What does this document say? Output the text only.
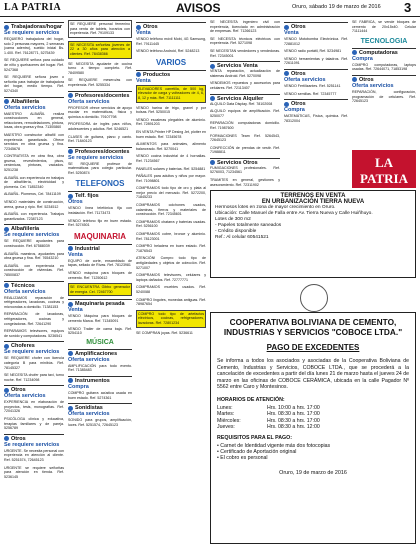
LA PATRIA	AVISOS	Oruro, sábado 19 de marzo de 2016 3
Trabajadoras/hogar
Se requiere servicios
REQUIERO trabajadora del hogar, solo 2 personas mayores, 2 semanas (cama adentro), sueldo inicial Bs. 1.400. Ref. 76128771, 5275439
SE REQUIERE señora para cuidado de niño y quehaceres del hogar. Ref. 5247368
SE REQUIERE señora joven o señorita para trabajar de trabajadora del hogar, medio tiempo. Ref. 5274340
Albañilería
Oferta servicios
MAESTRO ALBAÑIL realiza construcciones en general, refacciones, remodelaciones, pintura, losas, obra gruesa y fina. 71300860
MAESTRO constructor albañil con experiencia garantizada. Ofrece servicios en obra gruesa y fina. 72345678
CONTRATISTA en obra fina, obra gruesa, revestimientos, pisos, cerámicas, pinturas, vaciados. 5251238
ALBAÑIL con experiencia en trabajos de albañilería, electricidad y plomería. Cel. 71852340
ALBAÑIL. Plomeros, Cel. 78411109
VENDO materiales de construcción, arena, grava y ripio. Ref. 5234512
ALBAÑIL con experiencia. Trabajos garantizados. 72387123
Albañilería
Se requiere servicios
SE REQUIERE ayudantes para construcción. Ref. 67588039
ALBAÑIL maestros, ayudantes para obra gruesa y fina. Ref. 76543210
ALBAÑIL con experiencia en construcción de viviendas. Ref. 78500837
Técnicos
Oferta servicios
REALIZAMOS reparación de refrigeradores, lavadoras, cocinas y microondas a domicilio. 71381153
REPARACIÓN de lavadoras, refrigeradores, cocinas y congeladoras. Ref. 72641290
REPARAMOS televisores, equipos de sonido y computadoras. 5236541
Choferes
Se requiere servicios
SE REQUIERE chofer con licencia categoría B para minibús. Ref. 78145327
SE NECESITA chofer para taxi, turno noche. Ref. 71234098
Otros
Oferta servicios
EXPERIENCIA en elaboración de proyectos, tesis, monografías. Ref. 72041326
PSICÓLOGA clínica y educativa, terapias familiares y de pareja. 5256789
Otros
Se requiere servicios
URGENTE. Se necesita personal con experiencia en atención al cliente. Ref. 5251574, 72645123
URGENTE se requiere señoritas para atención en tienda. Ref. 5236145
SE REQUIERE personal femenino para venta de tablets, horarios con experiencia. Ref. 79109133
SE NECESITA señoritas jóvenes de 22 a 30 años para atención a clientes. Ref. 78438366
SE NECESITA ayudante de cocina turno a tiempo completo. Ref. 78409580
SE REQUIERE mesero/as con experiencia. Ref. 5255334
Profesores/docentes
Oferta servicios
PROFESOR ofrece servicios de apoyo escolar en matemáticas, física y química a domicilio. 79107798
PROFESORA de inglés para niños, adolescentes y adultos. Ref. 5246521
CLASES de guitarra, piano y canto. Ref. 71840123
Profesores/docentes
Se requiere servicios
SE REQUIERE profesor de matemáticas para colegio particular. Ref. 5250874
TELEFONOS
Telf. fijos
Otros
VENDO línea telefónica fija con instalación. Ref. 71173473
VENDO teléfono fijo en buen estado. Ref. 5274501
MAQUINARIA
Industrial
Venta
EQUIPO de corte, ensamblado de tapas, sellado de Rívas. Ref. 78123981
VENDO máquina para bloques de cemento. Ref. 71250612
SE ENCUENTRA Gibbo generador de energía. Cel. 72467700
Maquinaria pesada
Venta
VENDO Máquina para bloques de cemento Marca. Ref. 71345091
VENDO Trailer de cama baja. Ref. 5254110
MÚSICA
Amplificaciones
Oferta servicios
AMPLIFICACIÓN para todo evento. Ref. 71385483
Instrumentos
Compra
COMPRO guitarra acústica usada en buen estado. Ref. 5274361
Sonidistas
Oferta servicios
SONIDO para grupos, amplificación, luces. Ref. 5251574, 72645123
Otros
Venta
VENDO teléfono móvil Mobi, 4G Samsung, Ref. 79111445
VENDO teléfono Android, Ref. 5248213
VARIOS
Productos
Venta
ELEVADORES carretilla, de 500 kg, elevador de carga y volteadores de 4, 6, 8, 12 y más. Ref. 71111111
VENDO harina de trigo, granel y por bolsas. Ref. 5250015
VENDO escaleras plegables de aluminio. Ref. 72891203
EN VENTA Printer HP Desing Jet, plotter en buen estado. Ref. 72345678
ALIMENTOS para animales, alimento balanceado. Ref. 5270041
VENDO cocina industrial de 4 hornallas. Ref. 71234567
PANELES solares y baterías. Ref. 5254881
PAÑALES para adultos y niños por mayor. Ref. 71098801
COMPRAMOS todo tipo de oro y plata al mejor precio del mercado. Ref. 5272200, 71845233
COMPRAMOS colchones usados, calaminas, fierros y materiales de construcción. Ref. 72345601
COMPRAMOS chatarra y baterías usadas. Ref. 5256100
COMPRAMOS cobre, bronce y aluminio. Ref. 78123001
COMPRO heladera en buen estado. Ref. 71876543
ATENCIÓN! Compro todo tipo de antigüedades y objetos de colección. Ref. 5271007
COMPRAMOS televisores, celulares y laptops dañados. Ref. 72777771
COMPRAMOS muebles usados. Ref. 5240088
COMPRO lingotes, monedas antiguas. Ref. 78987654
COMPRO todo tipo de artefactos eléctricos, cocinas, refrigeradores, lavadoras. Ref. 72801234
SE COMPRAN joyas. Ref. 5236611
SE NECESITA ingeniero civil con experiencia, licenciado en administración de empresas. Ref. 71266123
SE NECESITA técnicos eléctricos con experiencia. Ref. 5271098
SE NECESITAN vendedores y vendedoras. Ref. 72345001
Servicios Venta
VENTA reparación, actualización de sistemas Android. Ref. 5270098
VENDEMOS repuestos y accesorios para celulares. Ref. 72113407
Servicios Alquiler
ALQUILO Data Display. Ref. 78102008
ALQUILO equipos de amplificación. Ref. 5250077
REPARACIÓN computadoras domicilio. Ref. 71987600
FORMACIONES Team Ref. 5264543, 72645123
CONFECCIÓN de prendas de vestir. Ref. 71988811
Servicios Otros
FUMIGACIONES profesionales. Ref. 5276003, 71234561
TRAMITES en general, gestiones y asesoramiento. Ref. 72311902
Otros
Venta
VENDO Motobomba Electrónica. Ref. 72881012
VENDO radio portátil, Ref. 5234981
VENDO herramientas y taladros. Ref. 72611091
Otros
Oferta servicios
VENDO Fertilizantes. Ref. 5251141
VENDO semillas. Ref. 72345777
Otros
Compra
MATEMÁTICAS, Física, química. Ref. 78312004
SE FABRICA, se vende bloques de cemento de 20x15x40. Celular 71111444
TECNOLOGIA
Computadoras
Compra
COMPRO computadoras, laptops usadas. Ref. 72644071, 71853198
Otros
Oferta servicios
REPARACIÓN, configuración, programación de celulares. Ref. 72645123
LA PATRIA
Mi periódico, mi orgullo
TERRENOS EN VENTA
EN URBANIZACIÓN TIERRA NUEVA

Hermosos lotes en zona de mayor crecimiento en Oruro.

Ubicación: Calle Manuel de Falla entre Av. Tierra Nueva y Calle Huiñhuyo.

Lotes de 300 m2

- Papeles totalmente saneados

- Crédito disponible

Ref.: Al celular 60541521

COOPERATIVA BOLIVIANA DE CEMENTO, INDUSTRIAS Y SERVICIOS "COBOCE LTDA."
PAGO DE EXCEDENTES

Se informa a todos los asociados y asociadas de la Cooperativa Boliviana de Cemento, Industrias y Servicios, COBOCE LTDA., que se procederá a la cancelación de excedentes a partir del día lunes 21 de marzo hasta el jueves 24 de marzo en las oficinas de COBOCE CERÁMICA, ubicada en la calle Pagador Nº 5562 entre Caro y Montesinos.

HORARIOS DE ATENCIÓN:
Lunes:	Hrs. 10:00 a hrs. 17:00
Martes:	Hrs. 08:30 a hrs. 17:00
Miércoles:	Hrs. 08:30 a hrs. 17:00
Jueves:	Hrs. 08:30 a hrs. 12:00
REQUISITOS PARA EL PAGO:
• Carnet de Identidad vigente más dos fotocopias
• Certificado de Aportación original
• El cobro es personal
Oruro, 19 de marzo de 2016
